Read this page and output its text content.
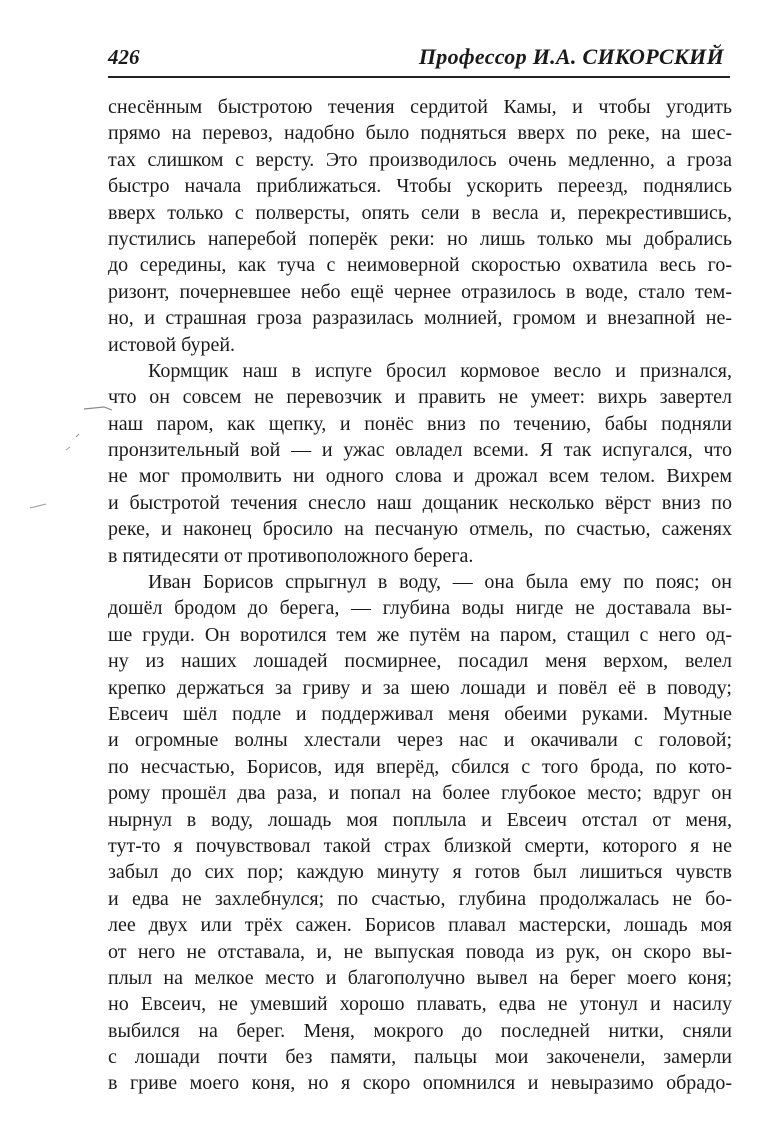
426	Профессор И.А. СИКОРСКИЙ
снесённым быстротою течения сердитой Камы, и чтобы угодить
прямо на перевоз, надобно было подняться вверх по реке, на шес-
тах слишком с версту. Это производилось очень медленно, а гроза
быстро начала приближаться. Чтобы ускорить переезд, поднялись
вверх только с полверсты, опять сели в весла и, перекрестившись,
пустились наперебой поперёк реки: но лишь только мы добрались
до середины, как туча с неимоверной скоростью охватила весь го-
ризонт, почерневшее небо ещё чернее отразилось в воде, стало тем-
но, и страшная гроза разразилась молнией, громом и внезапной не-
истовой бурей.
Кормщик наш в испуге бросил кормовое весло и признался,
что он совсем не перевозчик и править не умеет: вихрь завертел
наш паром, как щепку, и понёс вниз по течению, бабы подняли
пронзительный вой — и ужас овладел всеми. Я так испугался, что
не мог промолвить ни одного слова и дрожал всем телом. Вихрем
и быстротой течения снесло наш дощаник несколько вёрст вниз по
реке, и наконец бросило на песчаную отмель, по счастью, саженях
в пятидесяти от противоположного берега.
Иван Борисов спрыгнул в воду, — она была ему по пояс; он
дошёл бродом до берега, — глубина воды нигде не доставала вы-
ше груди. Он воротился тем же путём на паром, стащил с него од-
ну из наших лошадей посмирнее, посадил меня верхом, велел
крепко держаться за гриву и за шею лошади и повёл её в поводу;
Евсеич шёл подле и поддерживал меня обеими руками. Мутные
и огромные волны хлестали через нас и окачивали с головой;
по несчастью, Борисов, идя вперёд, сбился с того брода, по кото-
рому прошёл два раза, и попал на более глубокое место; вдруг он
нырнул в воду, лошадь моя поплыла и Евсеич отстал от меня,
тут-то я почувствовал такой страх близкой смерти, которого я не
забыл до сих пор; каждую минуту я готов был лишиться чувств
и едва не захлебнулся; по счастью, глубина продолжалась не бо-
лее двух или трёх сажен. Борисов плавал мастерски, лошадь моя
от него не отставала, и, не выпуская повода из рук, он скоро вы-
плыл на мелкое место и благополучно вывел на берег моего коня;
но Евсеич, не умевший хорошо плавать, едва не утонул и насилу
выбился на берег. Меня, мокрого до последней нитки, сняли
с лошади почти без памяти, пальцы мои закоченели, замерли
в гриве моего коня, но я скоро опомнился и невыразимо обрадо-
